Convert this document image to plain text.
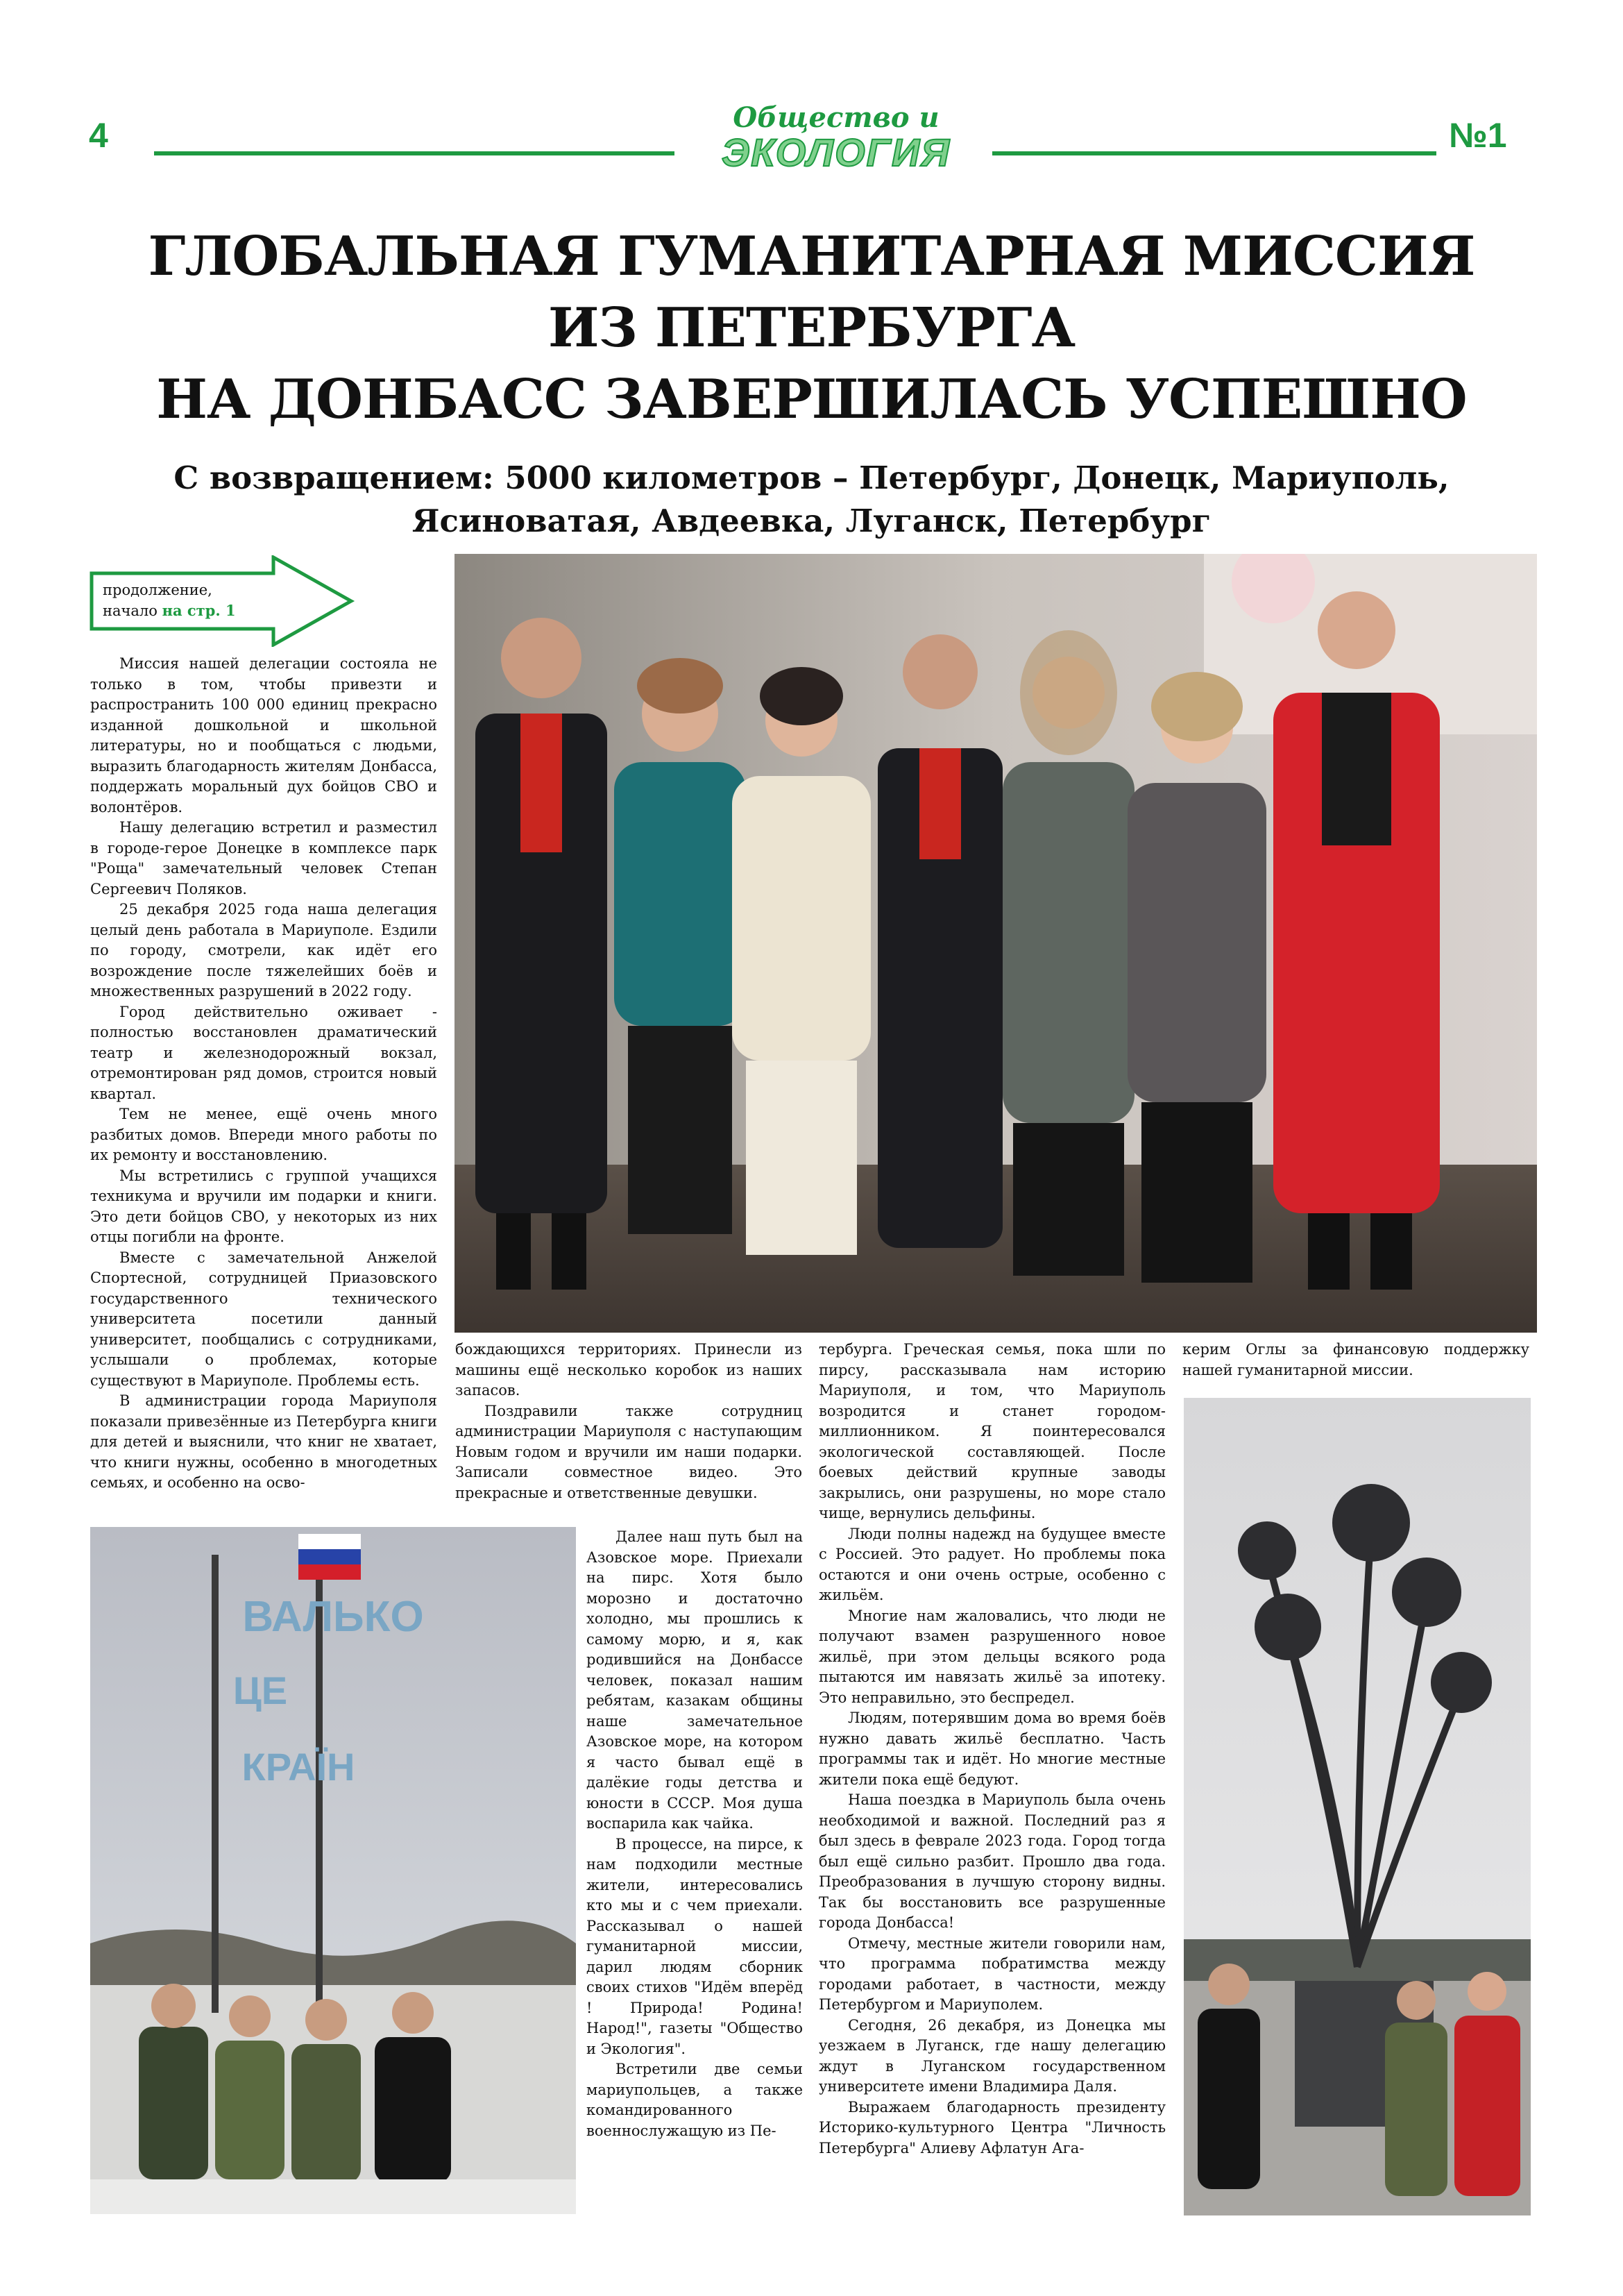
4	Общество и
ЭКОЛОГИЯ	№1
ГЛОБАЛЬНАЯ ГУМАНИТАРНАЯ МИССИЯ
ИЗ ПЕТЕРБУРГА
НА ДОНБАСС ЗАВЕРШИЛАСЬ УСПЕШНО
С возвращением: 5000 километров – Петербург, Донецк, Мариуполь, Ясиноватая, Авдеевка, Луганск, Петербург
продолжение,
начало на стр. 1

Миссия нашей делегации состояла не только в том, чтобы привезти и распространить 100 000 единиц прекрасно изданной дошкольной и школьной литературы, но и пообщаться с людьми, выразить благодарность жителям Донбасса, поддержать моральный дух бойцов СВО и волонтёров.

Нашу делегацию встретил и разместил в городе-герое Донецке в комплексе парк "Роща" замечательный человек Степан Сергеевич Поляков.

25 декабря 2025 года наша делегация целый день работала в Мариуполе. Ездили по городу, смотрели, как идёт его возрождение после тяжелейших боёв и множественных разрушений в 2022 году.

Город действительно оживает - полностью восстановлен драматический театр и железнодорожный вокзал, отремонтирован ряд домов, строится новый квартал.

Тем не менее, ещё очень много разбитых домов. Впереди много работы по их ремонту и восстановлению.

Мы встретились с группой учащихся техникума и вручили им подарки и книги. Это дети бойцов СВО, у некоторых из них отцы погибли на фронте.

Вместе с замечательной Анжелой Спортесной, сотрудницей Приазовского государственного технического университета посетили данный университет, пообщались с сотрудниками, услышали о проблемах, которые существуют в Мариуполе. Проблемы есть.

В администрации города Мариуполя показали привезённые из Петербурга книги для детей и выяснили, что книг не хватает, что книги нужны, особенно в многодетных семьях, и особенно на осво-

бождающихся территориях. Принесли из машины ещё несколько коробок из наших запасов.

Поздравили также сотрудниц администрации Мариуполя с наступающим Новым годом и вручили им наши подарки. Записали совместное видео. Это прекрасные и ответственные девушки.

тербурга. Греческая семья, пока шли по пирсу, рассказывала нам историю Мариуполя, и том, что Мариуполь возродится и станет городом-миллионником. Я поинтересовался экологической составляющей. После боевых действий крупные заводы закрылись, они разрушены, но море стало чище, вернулись дельфины.

Люди полны надежд на будущее вместе с Россией. Это радует. Но проблемы пока остаются и они очень острые, особенно с жильём.

Многие нам жаловались, что люди не получают взамен разрушенного новое жильё, при этом дельцы всякого рода пытаются им навязать жильё за ипотеку. Это неправильно, это беспредел.

Людям, потерявшим дома во время боёв нужно давать жильё бесплатно. Часть программы так и идёт. Но многие местные жители пока ещё бедуют.

Наша поездка в Мариуполь была очень необходимой и важной. Последний раз я был здесь в феврале 2023 года. Город тогда был ещё сильно разбит. Прошло два года. Преобразования в лучшую сторону видны. Так бы восстановить все разрушенные города Донбасса!

Отмечу, местные жители говорили нам, что программа побратимства между городами работает, в частности, между Петербургом и Мариуполем.

Сегодня, 26 декабря, из Донецка мы уезжаем в Луганск, где нашу делегацию ждут в Луганском государственном университете имени Владимира Даля.

Выражаем благодарность президенту Историко-культурного Центра "Личность Петербурга" Алиеву Афлатун Ага-

керим Оглы за финансовую поддержку нашей гуманитарной миссии.

ВАЛЬКО
ЦЕ
КРАЇН

Далее наш путь был на Азовское море. Приехали на пирс. Хотя было морозно и достаточно холодно, мы прошлись к самому морю, и я, как родившийся на Донбассе человек, показал нашим ребятам, казакам общины наше замечательное Азовское море, на котором я часто бывал ещё в далёкие годы детства и юности в СССР. Моя душа воспарила как чайка.

В процессе, на пирсе, к нам подходили местные жители, интересовались кто мы и с чем приехали. Рассказывал о нашей гуманитарной миссии, дарил людям сборник своих стихов "Идём вперёд ! Природа! Родина! Народ!", газеты "Общество и Экология".

Встретили две семьи мариупольцев, а также командированного военнослужащую из Пе-
